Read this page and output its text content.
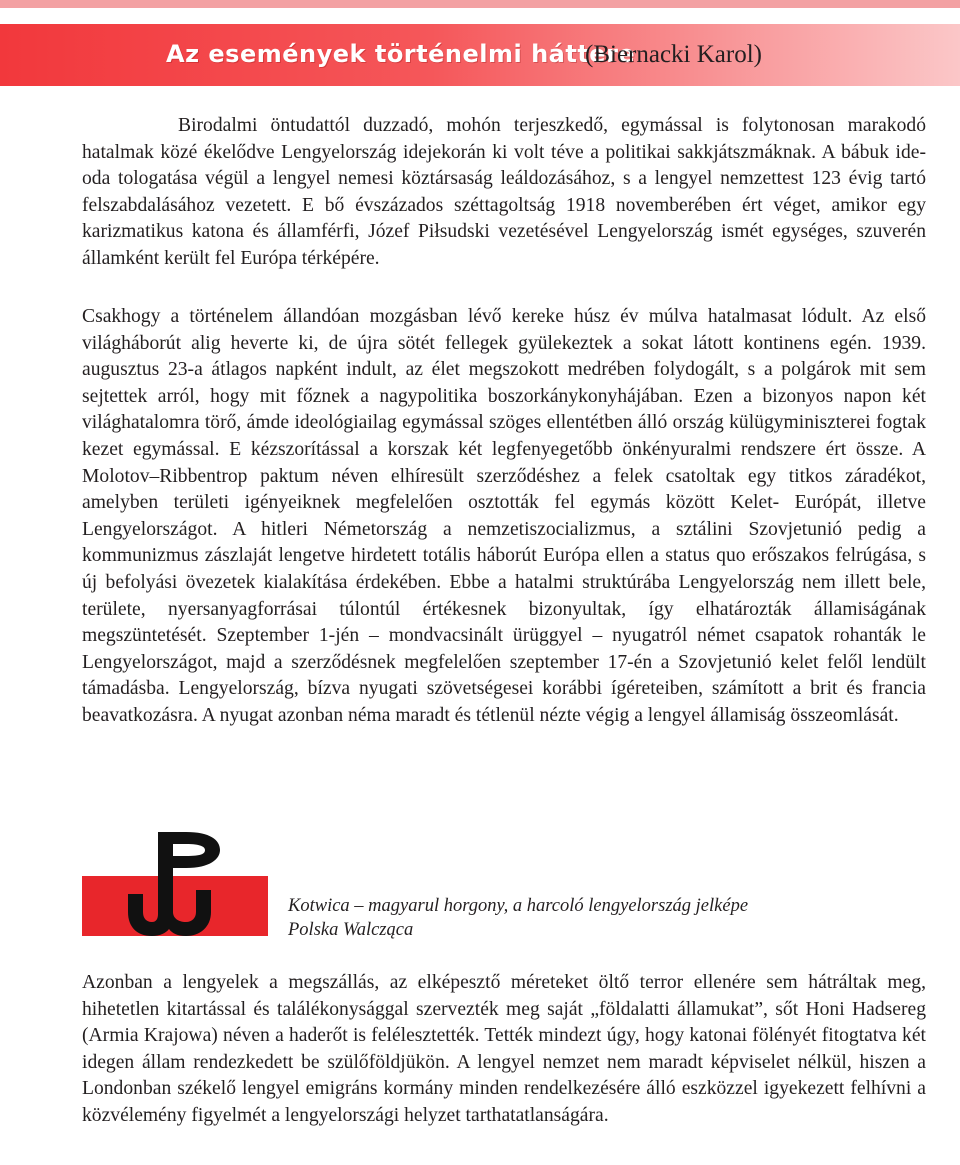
Az események történelmi háttere
(Biernacki Karol)

Birodalmi öntudattól duzzadó, mohón terjeszkedő, egymással is folytonosan marakodó hatalmak közé ékelődve Lengyelország idejekorán ki volt téve a politikai sakkjátszmáknak. A bábuk ide-oda tologatása végül a lengyel nemesi köztársaság leáldozásához, s a lengyel nemzettest 123 évig tartó felszabdalásához vezetett. E bő évszázados széttagoltság 1918 novemberében ért véget, amikor egy karizmatikus katona és államférfi, Józef Piłsudski vezetésével Lengyelország ismét egységes, szuverén államként került fel Európa térképére.

Csakhogy a történelem állandóan mozgásban lévő kereke húsz év múlva hatalmasat lódult. Az első világháborút alig heverte ki, de újra sötét fellegek gyülekeztek a sokat látott kontinens egén. 1939. augusztus 23-a átlagos napként indult, az élet megszokott medrében folydogált, s a polgárok mit sem sejtettek arról, hogy mit főznek a nagypolitika boszorkánykonyhájában. Ezen a bizonyos napon két világhatalomra törő, ámde ideológiailag egymással szöges ellentétben álló ország külügyminiszterei fogtak kezet egymással. E kézszorítással a korszak két legfenyegetőbb önkényuralmi rendszere ért össze. A Molotov–Ribbentrop paktum néven elhíresült szerződéshez a felek csatoltak egy titkos záradékot, amelyben területi igényeiknek megfelelően osztották fel egymás között Kelet- Európát, illetve Lengyelországot. A hitleri Németország a nemzetiszocializmus, a sztálini Szovjetunió pedig a kommunizmus zászlaját lengetve hirdetett totális háborút Európa ellen a status quo erőszakos felrúgása, s új befolyási övezetek kialakítása érdekében. Ebbe a hatalmi struktúrába Lengyelország nem illett bele, területe, nyersanyagforrásai túlontúl értékesnek bizonyultak, így elhatározták államiságának megszüntetését. Szeptember 1-jén – mondvacsinált ürüggyel – nyugatról német csapatok rohanták le Lengyelországot, majd a szerződésnek megfelelően szeptember 17-én a Szovjetunió kelet felől lendült támadásba. Lengyelország, bízva nyugati szövetségesei korábbi ígéreteiben, számított a brit és francia beavatkozásra. A nyugat azonban néma maradt és tétlenül nézte végig a lengyel államiság összeomlását.

Kotwica – magyarul horgony, a harcoló lengyelország jelképe
Polska Walcząca

Azonban a lengyelek a megszállás, az elképesztő méreteket öltő terror ellenére sem hátráltak meg, hihetetlen kitartással és találékonysággal szervezték meg saját „földalatti államukat”, sőt Honi Hadsereg (Armia Krajowa) néven a haderőt is felélesztették. Tették mindezt úgy, hogy katonai fölényét fitogtatva két idegen állam rendezkedett be szülőföldjükön. A lengyel nemzet nem maradt képviselet nélkül, hiszen a Londonban székelő lengyel emigráns kormány minden rendelkezésére álló eszközzel igyekezett felhívni a közvélemény figyelmét a lengyelországi helyzet tarthatatlanságára.
